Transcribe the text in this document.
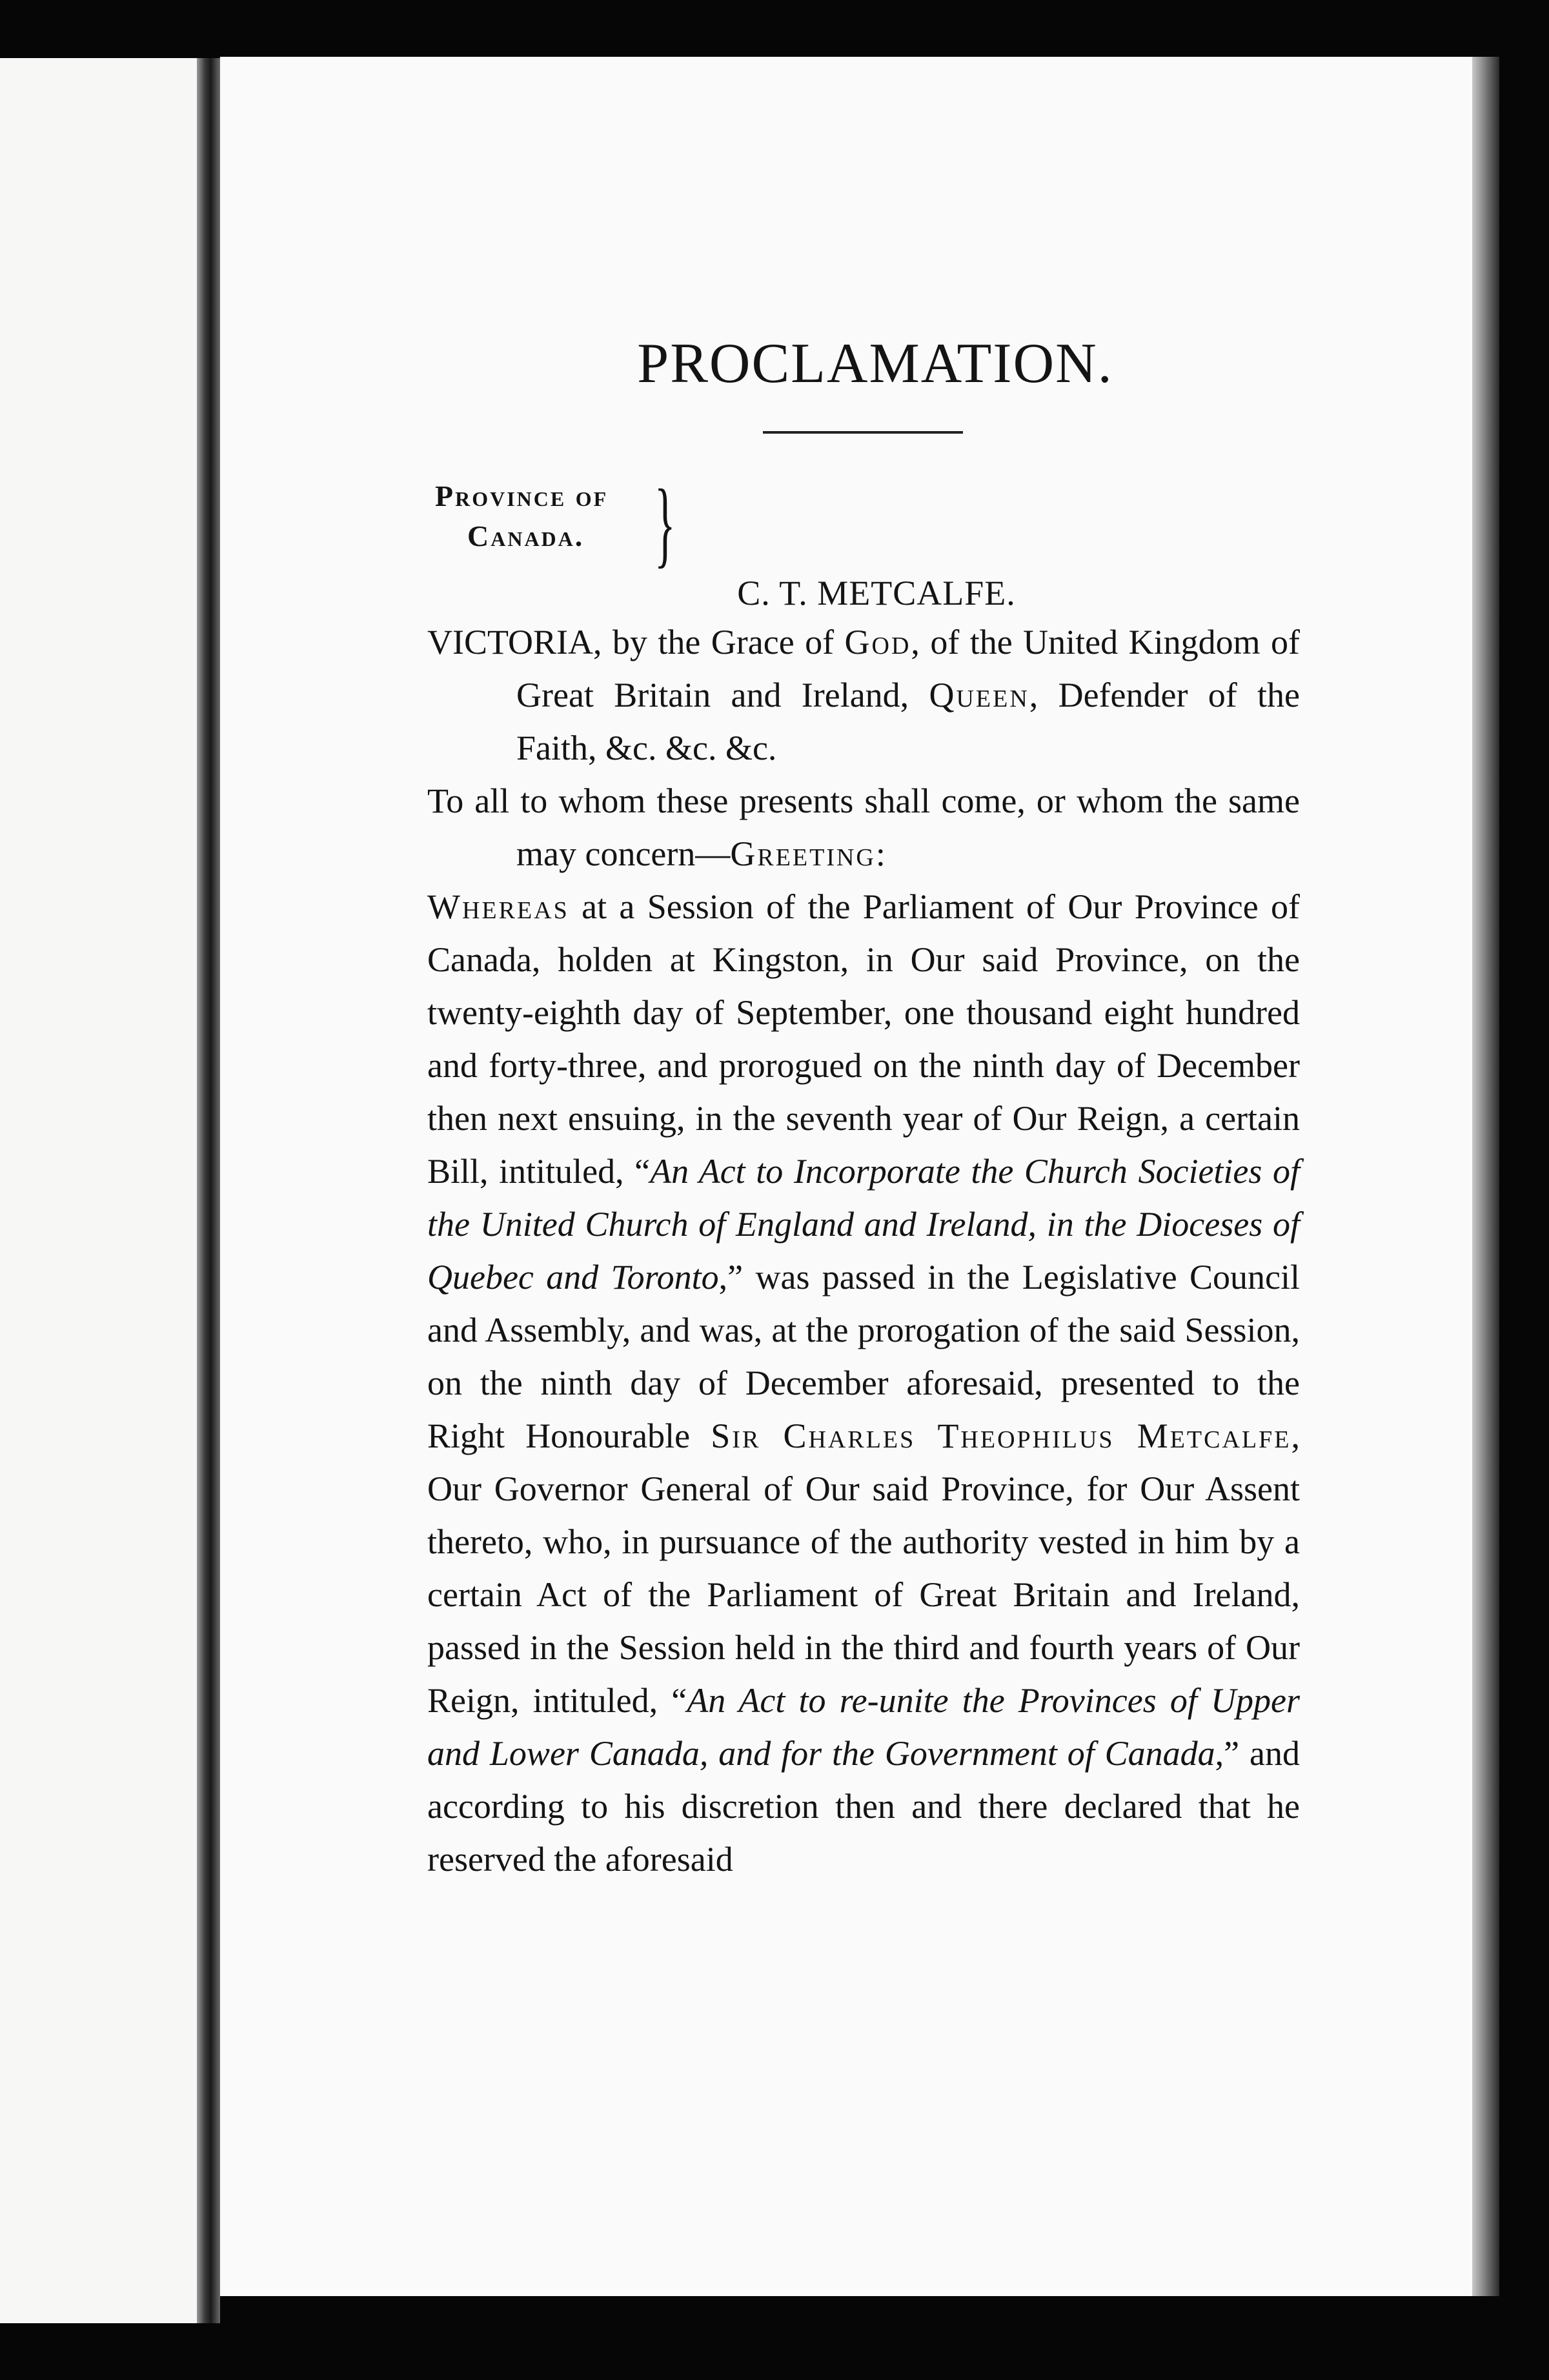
PROCLAMATION.
Province of
Canada. }
C. T. METCALFE.

VICTORIA, by the Grace of God, of the United Kingdom of Great Britain and Ireland, Queen, Defender of the Faith, &c. &c. &c.

To all to whom these presents shall come, or whom the same may concern—Greeting:

Whereas at a Session of the Parliament of Our Province of Canada, holden at Kingston, in Our said Province, on the twenty-eighth day of September, one thousand eight hundred and forty-three, and prorogued on the ninth day of December then next ensuing, in the seventh year of Our Reign, a certain Bill, intituled, “An Act to Incorporate the Church Societies of the United Church of England and Ireland, in the Dioceses of Quebec and Toronto,” was passed in the Legislative Council and Assembly, and was, at the prorogation of the said Session, on the ninth day of December aforesaid, presented to the Right Honourable Sir Charles Theophilus Metcalfe, Our Governor General of Our said Province, for Our Assent thereto, who, in pursuance of the authority vested in him by a certain Act of the Parliament of Great Britain and Ireland, passed in the Session held in the third and fourth years of Our Reign, intituled, “An Act to re-unite the Provinces of Upper and Lower Canada, and for the Government of Canada,” and according to his discretion then and there declared that he reserved the aforesaid
